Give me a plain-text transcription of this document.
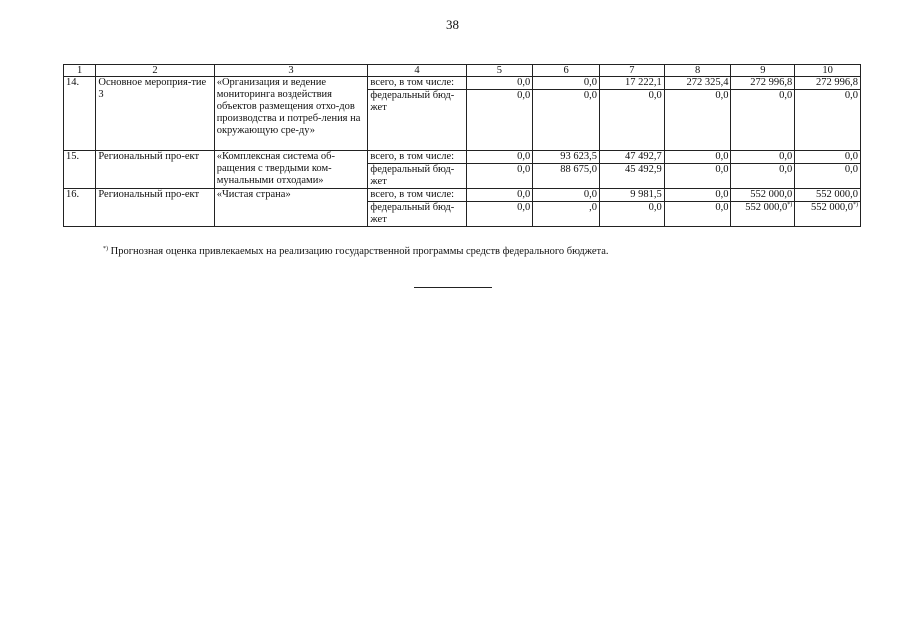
38
1	2	3	4	5	6	7	8	9	10
14.	Основное мероприя-тие 3	«Организация и ведение мониторинга воздействия объектов размещения отхо-дов производства и потреб-ления на окружающую сре-ду»	всего, в том числе:	0,0	0,0	17 222,1	272 325,4	272 996,8	272 996,8
			федеральный бюд-жет	0,0	0,0	0,0	0,0	0,0	0,0
15.	Региональный про-ект	«Комплексная система об-ращения с твердыми ком-мунальными отходами»	всего, в том числе:	0,0	93 623,5	47 492,7	0,0	0,0	0,0
			федеральный бюд-жет	0,0	88 675,0	45 492,9	0,0	0,0	0,0
16.	Региональный про-ект	«Чистая страна»	всего, в том числе:	0,0	0,0	9 981,5	0,0	552 000,0	552 000,0
			федеральный бюд-жет	0,0	,0	0,0	0,0	552 000,0*)	552 000,0*)
*) Прогнозная оценка привлекаемых на реализацию государственной программы средств федерального бюджета.
